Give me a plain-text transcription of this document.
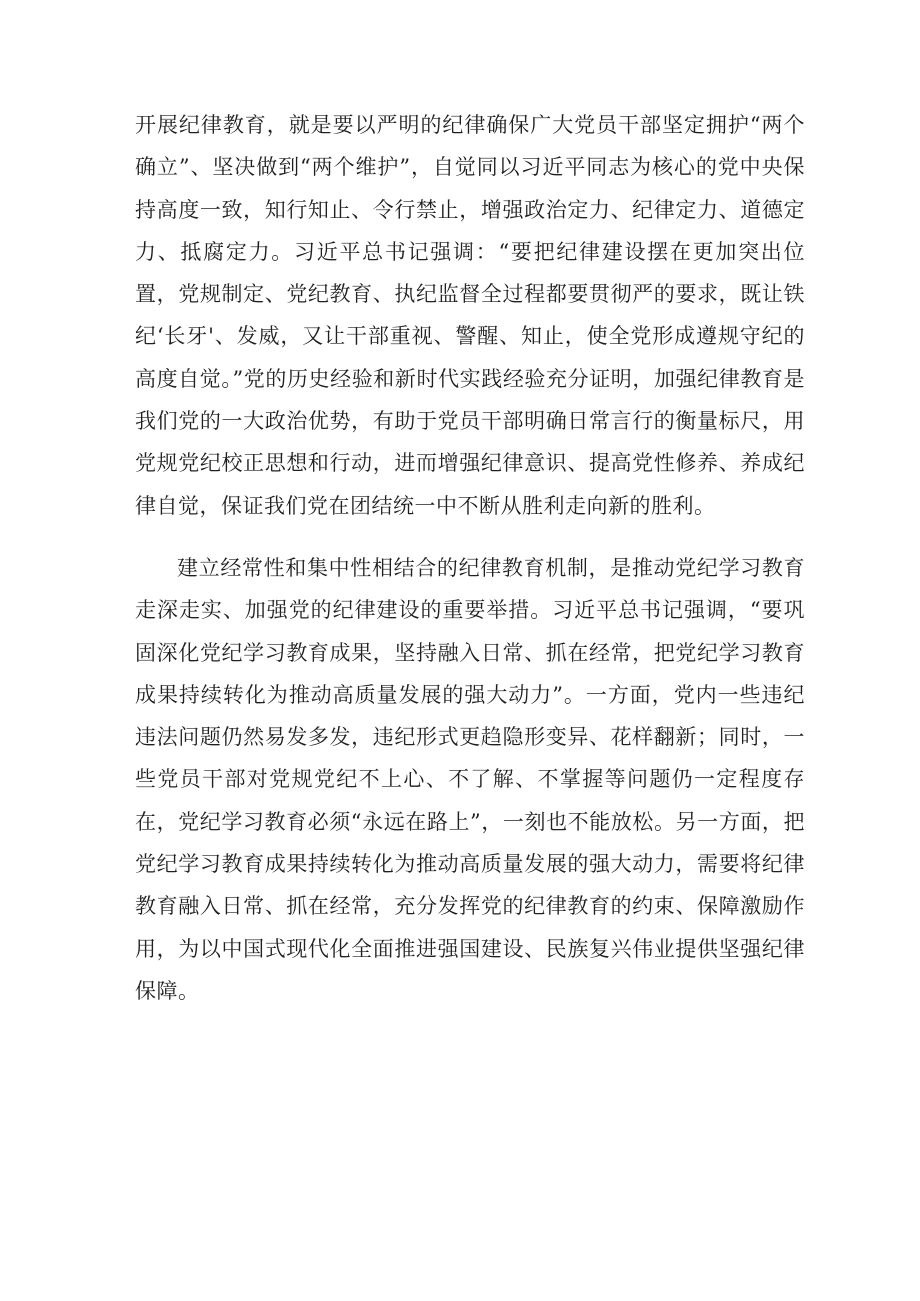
开展纪律教育，就是要以严明的纪律确保广大党员干部坚定拥护“两个确立”、坚决做到“两个维护”，自觉同以习近平同志为核心的党中央保持高度一致，知行知止、令行禁止，增强政治定力、纪律定力、道德定力、抵腐定力。习近平总书记强调：“要把纪律建设摆在更加突出位置，党规制定、党纪教育、执纪监督全过程都要贯彻严的要求，既让铁纪‘长牙'、发威，又让干部重视、警醒、知止，使全党形成遵规守纪的高度自觉。”党的历史经验和新时代实践经验充分证明，加强纪律教育是我们党的一大政治优势，有助于党员干部明确日常言行的衡量标尺，用党规党纪校正思想和行动，进而增强纪律意识、提高党性修养、养成纪律自觉，保证我们党在团结统一中不断从胜利走向新的胜利。

建立经常性和集中性相结合的纪律教育机制，是推动党纪学习教育走深走实、加强党的纪律建设的重要举措。习近平总书记强调，“要巩固深化党纪学习教育成果，坚持融入日常、抓在经常，把党纪学习教育成果持续转化为推动高质量发展的强大动力”。一方面，党内一些违纪违法问题仍然易发多发，违纪形式更趋隐形变异、花样翻新；同时，一些党员干部对党规党纪不上心、不了解、不掌握等问题仍一定程度存在，党纪学习教育必须“永远在路上”，一刻也不能放松。另一方面，把党纪学习教育成果持续转化为推动高质量发展的强大动力，需要将纪律教育融入日常、抓在经常，充分发挥党的纪律教育的约束、保障激励作用，为以中国式现代化全面推进强国建设、民族复兴伟业提供坚强纪律保障。
